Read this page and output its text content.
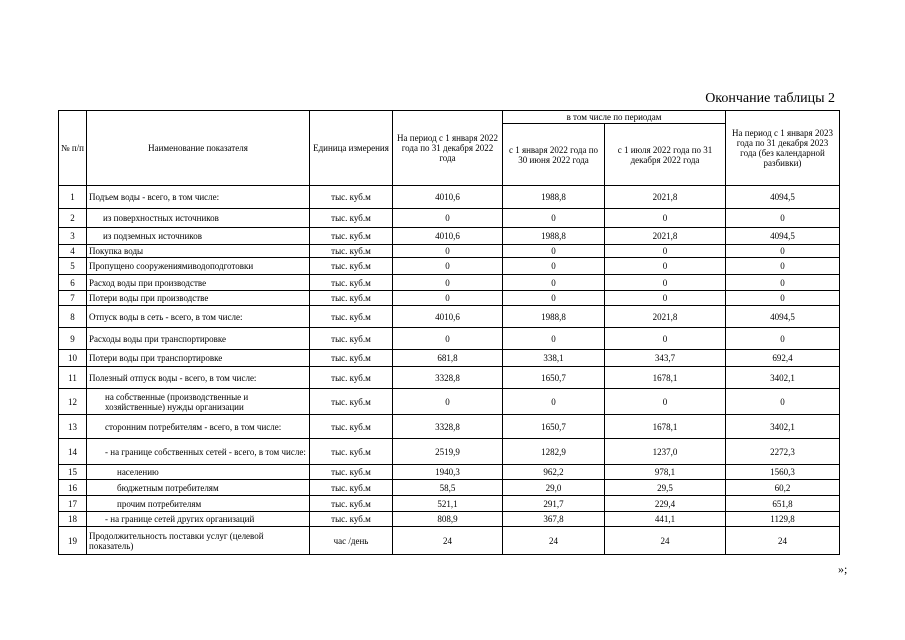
Окончание таблицы 2
№ п/п	Наименование показателя	Единица измерения	На период с 1 января 2022 года по 31 декабря 2022 года	в том числе по периодам		На период с 1 января 2023 года по 31 декабря 2023 года (без календарной разбивки)
				с 1 января 2022 года по 30 июня 2022 года	с 1 июля 2022 года по 31 декабря 2022 года	
1	Подъем воды - всего, в том числе:	тыс. куб.м	4010,6	1988,8	2021,8	4094,5
2	из поверхностных источников	тыс. куб.м	0	0	0	0
3	из подземных источников	тыс. куб.м	4010,6	1988,8	2021,8	4094,5
4	Покупка воды	тыс. куб.м	0	0	0	0
5	Пропущено сооружениямиводоподготовки	тыс. куб.м	0	0	0	0
6	Расход воды при производстве	тыс. куб.м	0	0	0	0
7	Потери воды при производстве	тыс. куб.м	0	0	0	0
8	Отпуск воды в сеть - всего, в том числе:	тыс. куб.м	4010,6	1988,8	2021,8	4094,5
9	Расходы воды при транспортировке	тыс. куб.м	0	0	0	0
10	Потери воды при транспортировке	тыс. куб.м	681,8	338,1	343,7	692,4
11	Полезный отпуск воды - всего, в том числе:	тыс. куб.м	3328,8	1650,7	1678,1	3402,1
12	на собственные (производственные и хозяйственные) нужды организации	тыс. куб.м	0	0	0	0
13	сторонним потребителям - всего, в том числе:	тыс. куб.м	3328,8	1650,7	1678,1	3402,1
14	- на границе собственных сетей - всего, в том числе:	тыс. куб.м	2519,9	1282,9	1237,0	2272,3
15	населению	тыс. куб.м	1940,3	962,2	978,1	1560,3
16	бюджетным потребителям	тыс. куб.м	58,5	29,0	29,5	60,2
17	прочим потребителям	тыс. куб.м	521,1	291,7	229,4	651,8
18	- на границе сетей других организаций	тыс. куб.м	808,9	367,8	441,1	1129,8
19	Продолжительность поставки услуг (целевой показатель)	час /день	24	24	24	24
»;
